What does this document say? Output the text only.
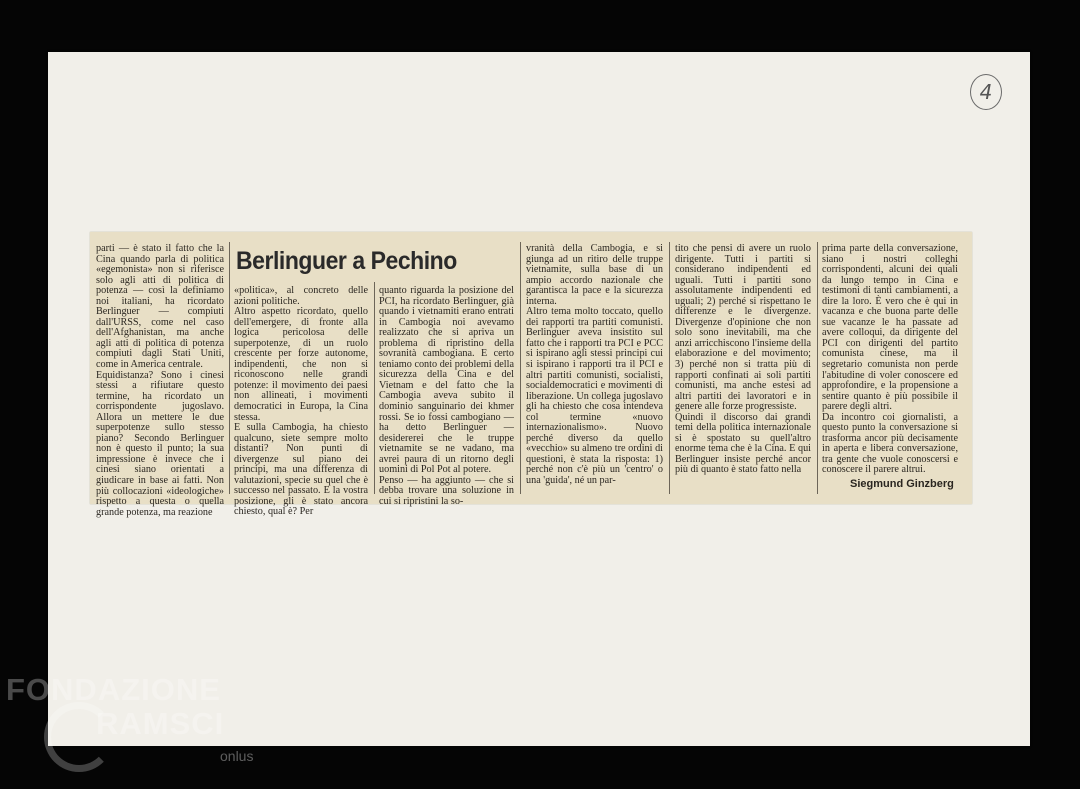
4
parti — è stato il fatto che la Cina quando parla di politica «egemonista» non si riferisce solo agli atti di politica di potenza — così la definiamo noi italiani, ha ricordato Berlinguer — compiuti dall'URSS, come nel caso dell'Afghanistan, ma anche agli atti di politica di potenza compiuti dagli Stati Uniti, come in America centrale.
Equidistanza? Sono i cinesi stessi a rifiutare questo termine, ha ricordato un corrispondente jugoslavo. Allora un mettere le due superpotenze sullo stesso piano? Secondo Berlinguer non è questo il punto; la sua impressione è invece che i cinesi siano orientati a giudicare in base ai fatti. Non più collocazioni «ideologiche» rispetto a questa o quella grande potenza, ma reazione
Berlinguer a Pechino
«politica», al concreto delle azioni politiche.
Altro aspetto ricordato, quello dell'emergere, di fronte alla logica pericolosa delle superpotenze, di un ruolo crescente per forze autonome, indipendenti, che non si riconoscono nelle grandi potenze: il movimento dei paesi non allineati, i movimenti democratici in Europa, la Cina stessa.
E sulla Cambogia, ha chiesto qualcuno, siete sempre molto distanti? Non punti di divergenze sul piano dei principi, ma una differenza di valutazioni, specie su quel che è successo nel passato. E la vostra posizione, gli è stato ancora chiesto, qual è? Per
quanto riguarda la posizione del PCI, ha ricordato Berlinguer, già quando i vietnamiti erano entrati in Cambogia noi avevamo realizzato che si apriva un problema di ripristino della sovranità cambogiana. E certo teniamo conto dei problemi della sicurezza della Cina e del Vietnam e del fatto che la Cambogia aveva subito il dominio sanguinario dei khmer rossi. Se io fossi cambogiano — ha detto Berlinguer — desidererei che le truppe vietnamite se ne vadano, ma avrei paura di un ritorno degli uomini di Pol Pot al potere.
Penso — ha aggiunto — che si debba trovare una soluzione in cui si ripristini la so-
vranità della Cambogia, e si giunga ad un ritiro delle truppe vietnamite, sulla base di un ampio accordo nazionale che garantisca la pace e la sicurezza interna.
Altro tema molto toccato, quello dei rapporti tra partiti comunisti. Berlinguer aveva insistito sul fatto che i rapporti tra PCI e PCC si ispirano agli stessi principi cui si ispirano i rapporti tra il PCI e altri partiti comunisti, socialisti, socialdemocratici e movimenti di liberazione. Un collega jugoslavo gli ha chiesto che cosa intendeva col termine «nuovo internazionalismo». Nuovo perché diverso da quello «vecchio» su almeno tre ordini di questioni, è stata la risposta: 1) perché non c'è più un 'centro' o una 'guida', né un par-
tito che pensi di avere un ruolo dirigente. Tutti i partiti si considerano indipendenti ed uguali. Tutti i partiti sono assolutamente indipendenti ed uguali; 2) perché si rispettano le differenze e le divergenze. Divergenze d'opinione che non solo sono inevitabili, ma che anzi arricchiscono l'insieme della elaborazione e del movimento; 3) perché non si tratta più di rapporti confinati ai soli partiti comunisti, ma anche estesi ad altri partiti dei lavoratori e in genere alle forze progressiste.
Quindi il discorso dai grandi temi della politica internazionale si è spostato su quell'altro enorme tema che è la Cina. E qui Berlinguer insiste perché ancor più di quanto è stato fatto nella
prima parte della conversazione, siano i nostri colleghi corrispondenti, alcuni dei quali da lungo tempo in Cina e testimoni di tanti cambiamenti, a dire la loro. È vero che è qui in vacanza e che buona parte delle sue vacanze le ha passate ad avere colloqui, da dirigente del PCI con dirigenti del partito comunista cinese, ma il segretario comunista non perde l'abitudine di voler conoscere ed approfondire, e la propensione a sentire quanto è più possibile il parere degli altri.
Da incontro coi giornalisti, a questo punto la conversazione si trasforma ancor più decisamente in aperta e libera conversazione, tra gente che vuole conoscersi e conoscere il parere altrui.
Siegmund Ginzberg
FONDAZIONE
RAMSCI
onlus
